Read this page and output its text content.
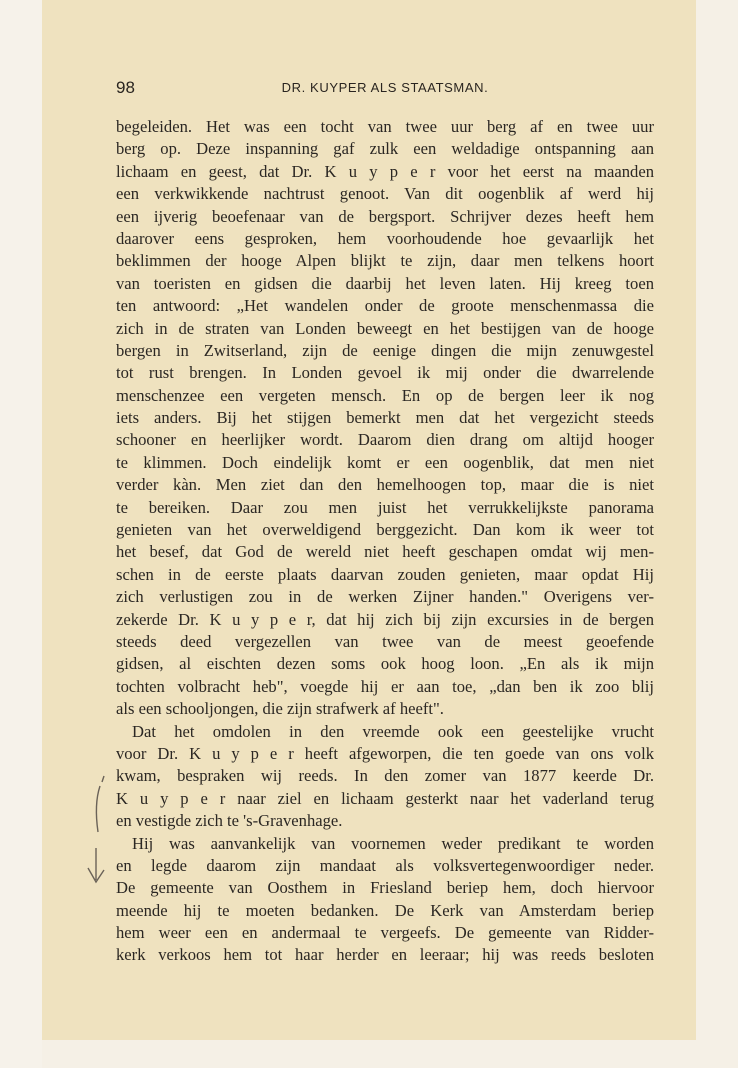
98	DR. KUYPER ALS STAATSMAN.
begeleiden. Het was een tocht van twee uur berg af en twee uur
berg op. Deze inspanning gaf zulk een weldadige ontspanning aan
lichaam en geest, dat Dr. K u y p e r voor het eerst na maanden
een verkwikkende nachtrust genoot. Van dit oogenblik af werd hij
een ijverig beoefenaar van de bergsport. Schrijver dezes heeft hem
daarover eens gesproken, hem voorhoudende hoe gevaarlijk het
beklimmen der hooge Alpen blijkt te zijn, daar men telkens hoort
van toeristen en gidsen die daarbij het leven laten. Hij kreeg toen
ten antwoord: „Het wandelen onder de groote menschenmassa die
zich in de straten van Londen beweegt en het bestijgen van de hooge
bergen in Zwitserland, zijn de eenige dingen die mijn zenuwgestel
tot rust brengen. In Londen gevoel ik mij onder die dwarrelende
menschenzee een vergeten mensch. En op de bergen leer ik nog
iets anders. Bij het stijgen bemerkt men dat het vergezicht steeds
schooner en heerlijker wordt. Daarom dien drang om altijd hooger
te klimmen. Doch eindelijk komt er een oogenblik, dat men niet
verder kàn. Men ziet dan den hemelhoogen top, maar die is niet
te bereiken. Daar zou men juist het verrukkelijkste panorama
genieten van het overweldigend berggezicht. Dan kom ik weer tot
het besef, dat God de wereld niet heeft geschapen omdat wij men-
schen in de eerste plaats daarvan zouden genieten, maar opdat Hij
zich verlustigen zou in de werken Zijner handen." Overigens ver-
zekerde Dr. K u y p e r, dat hij zich bij zijn excursies in de bergen
steeds deed vergezellen van twee van de meest geoefende
gidsen, al eischten dezen soms ook hoog loon. „En als ik mijn
tochten volbracht heb", voegde hij er aan toe, „dan ben ik zoo blij
als een schooljongen, die zijn strafwerk af heeft".
Dat het omdolen in den vreemde ook een geestelijke vrucht
voor Dr. K u y p e r heeft afgeworpen, die ten goede van ons volk
kwam, bespraken wij reeds. In den zomer van 1877 keerde Dr.
K u y p e r naar ziel en lichaam gesterkt naar het vaderland terug
en vestigde zich te 's-Gravenhage.
Hij was aanvankelijk van voornemen weder predikant te worden
en legde daarom zijn mandaat als volksvertegenwoordiger neder.
De gemeente van Oosthem in Friesland beriep hem, doch hiervoor
meende hij te moeten bedanken. De Kerk van Amsterdam beriep
hem weer een en andermaal te vergeefs. De gemeente van Ridder-
kerk verkoos hem tot haar herder en leeraar; hij was reeds besloten
